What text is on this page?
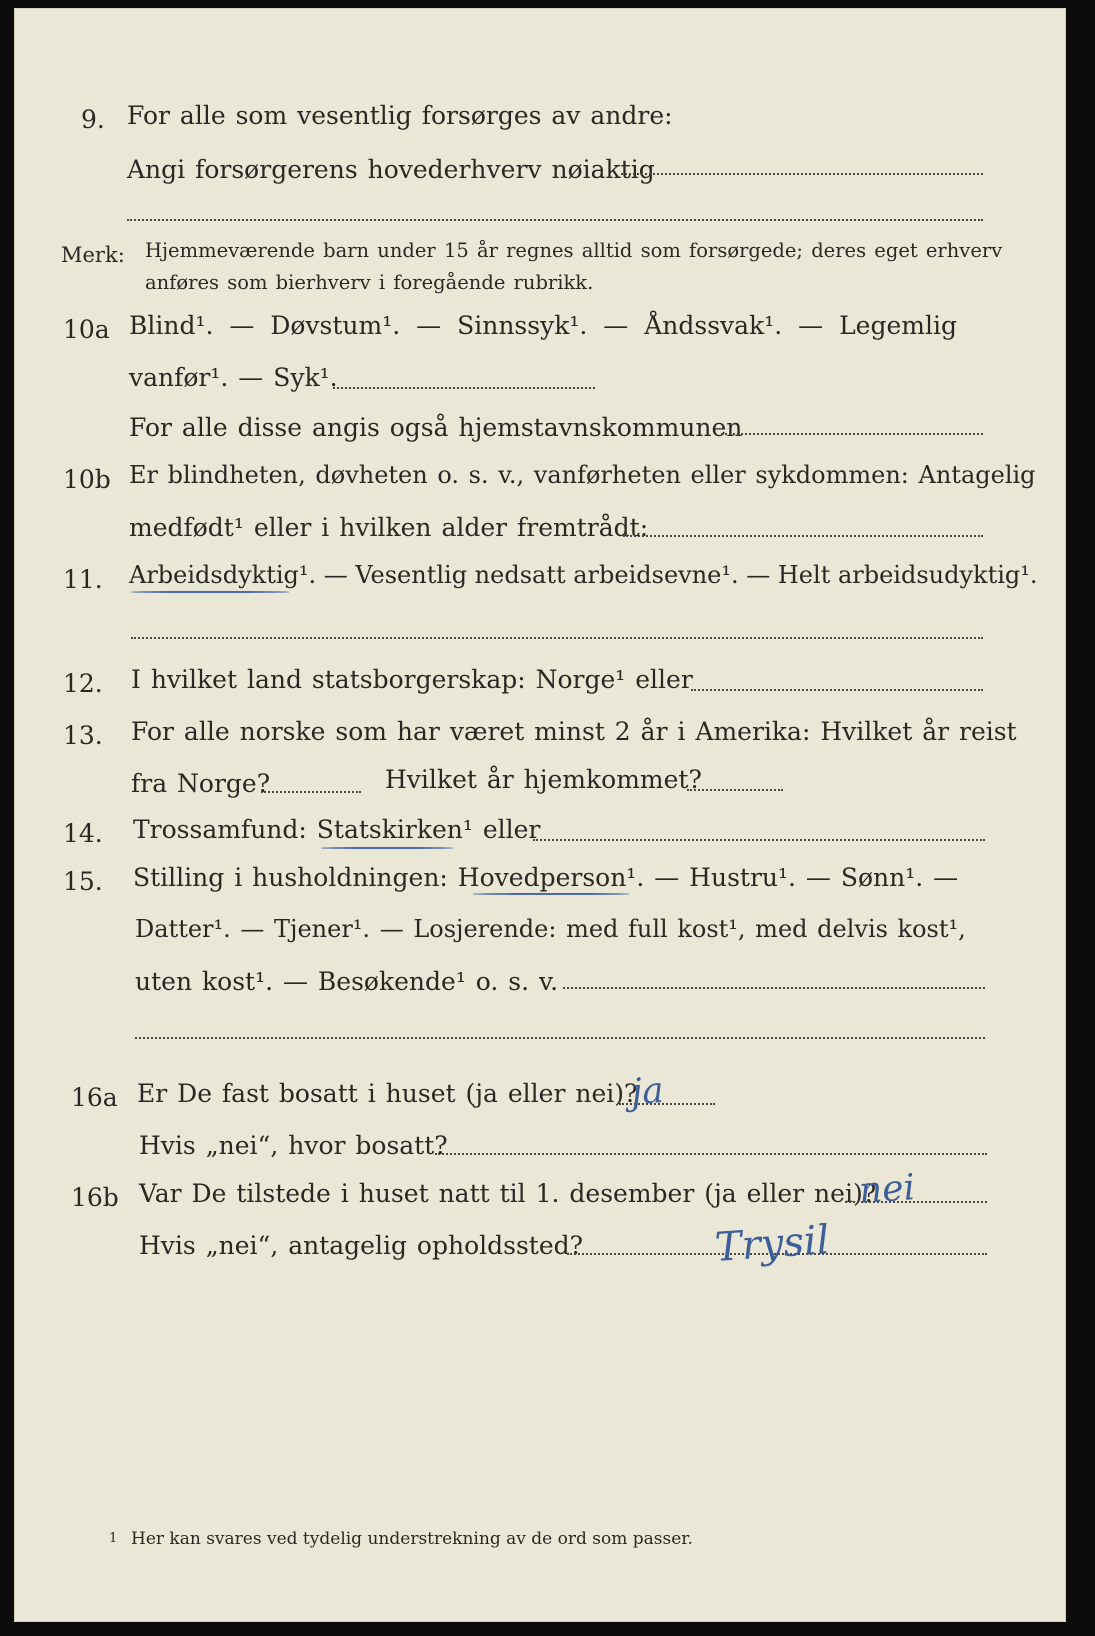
9. For alle som vesentlig forsørges av andre:
Angi forsørgerens hovederhverv nøiaktig
Merk: Hjemmeværende barn under 15 år regnes alltid som forsørgede; deres eget erhverv
anføres som bierhverv i foregående rubrikk.
10a Blind¹. — Døvstum¹. — Sinnssyk¹. — Åndssvak¹. — Legemlig
vanfør¹. — Syk¹.
For alle disse angis også hjemstavnskommunen
10b Er blindheten, døvheten o. s. v., vanførheten eller sykdommen: Antagelig
medfødt¹ eller i hvilken alder fremtrådt:
11. Arbeidsdyktig¹. — Vesentlig nedsatt arbeidsevne¹. — Helt arbeidsudyktig¹.
12. I hvilket land statsborgerskap: Norge¹ eller
13. For alle norske som har været minst 2 år i Amerika: Hvilket år reist
fra Norge?	Hvilket år hjemkommet?
14. Trossamfund: Statskirken¹ eller
15. Stilling i husholdningen: Hovedperson¹. — Hustru¹. — Sønn¹. —
Datter¹. — Tjener¹. — Losjerende: med full kost¹, med delvis kost¹,
uten kost¹. — Besøkende¹ o. s. v.
16a Er De fast bosatt i huset (ja eller nei)?
ja
Hvis „nei“, hvor bosatt?
16b Var De tilstede i huset natt til 1. desember (ja eller nei)?
nei
Hvis „nei“, antagelig opholdssted?	Trysil
1 Her kan svares ved tydelig understrekning av de ord som passer.
